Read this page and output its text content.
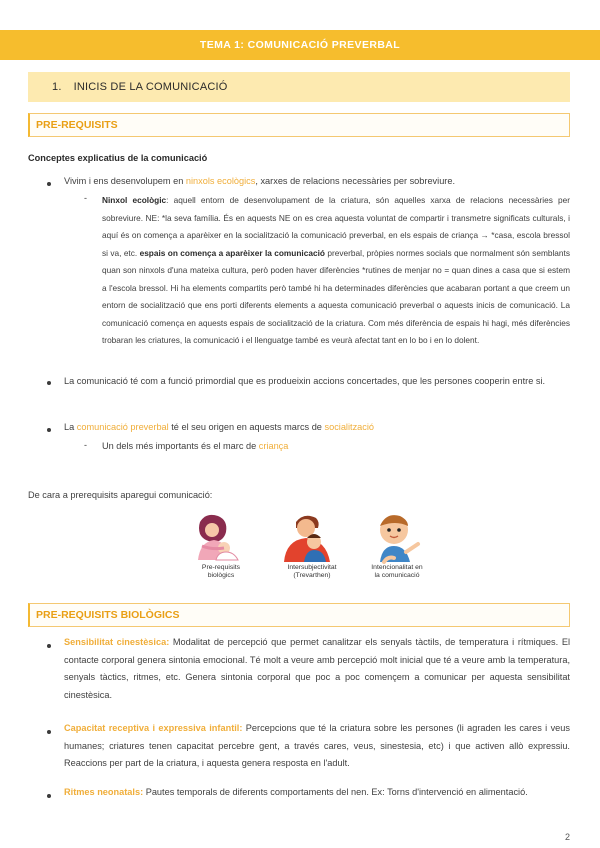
TEMA 1: COMUNICACIÓ PREVERBAL
1. INICIS DE LA COMUNICACIÓ
PRE-REQUISITS

Conceptes explicatius de la comunicació

Vivim i ens desenvolupem en ninxols ecològics, xarxes de relacions necessàries per sobreviure.

- Ninxol ecològic: aquell entorn de desenvolupament de la criatura, són aquelles xarxa de relacions necessàries per sobreviure. NE: *la seva família. És en aquests NE on es crea aquesta voluntat de compartir i transmetre significats culturals, i aquí és on comença a aparèixer en la socialització la comunicació preverbal, en els espais de criança → *casa, escola bressol si va, etc. espais on comença a aparèixer la comunicació preverbal, pròpies normes socials que normalment són semblants quan son ninxols d'una mateixa cultura, però poden haver diferències *rutines de menjar no = quan dines a casa que si estem a l'escola bressol. Hi ha elements compartits però també hi ha determinades diferències que acabaran portant a que creem un entorn de socialització que ens porti diferents elements a aquesta comunicació preverbal o aquests inicis de comunicació. La comunicació comença en aquests espais de socialització de la criatura. Com més diferència de espais hi hagi, més diferències trobaran les criatures, la comunicació i el llenguatge també es veurà afectat tant en lo bo i en lo dolent.

La comunicació té com a funció primordial que es produeixin accions concertades, que les persones cooperin entre si.

La comunicació preverbal té el seu origen en aquests marcs de socialització

- Un dels més importants és el marc de criança

De cara a prerequisits aparegui comunicació:

Pre-requisits
biològics
Intersubjectivitat
(Trevarthen)
Intencionalitat en
la comunicació
PRE-REQUISITS BIOLÒGICS

Sensibilitat cinestèsica: Modalitat de percepció que permet canalitzar els senyals tàctils, de temperatura i rítmiques. El contacte corporal genera sintonia emocional. Té molt a veure amb percepció molt inicial que té a veure amb la temperatura, senyals tàctics, ritmes, etc. Genera sintonia corporal que poc a poc començem a comunicar per aquesta sensibilitat cinestèsica.

Capacitat receptiva i expressiva infantil: Percepcions que té la criatura sobre les persones (li agraden les cares i veus humanes; criatures tenen capacitat percebre gent, a través cares, veus, sinestesia, etc) i que activen allò expressiu. Reaccions per part de la criatura, i aquesta genera resposta en l'adult.

Ritmes neonatals: Pautes temporals de diferents comportaments del nen. Ex: Torns d'intervenció en alimentació.

2
